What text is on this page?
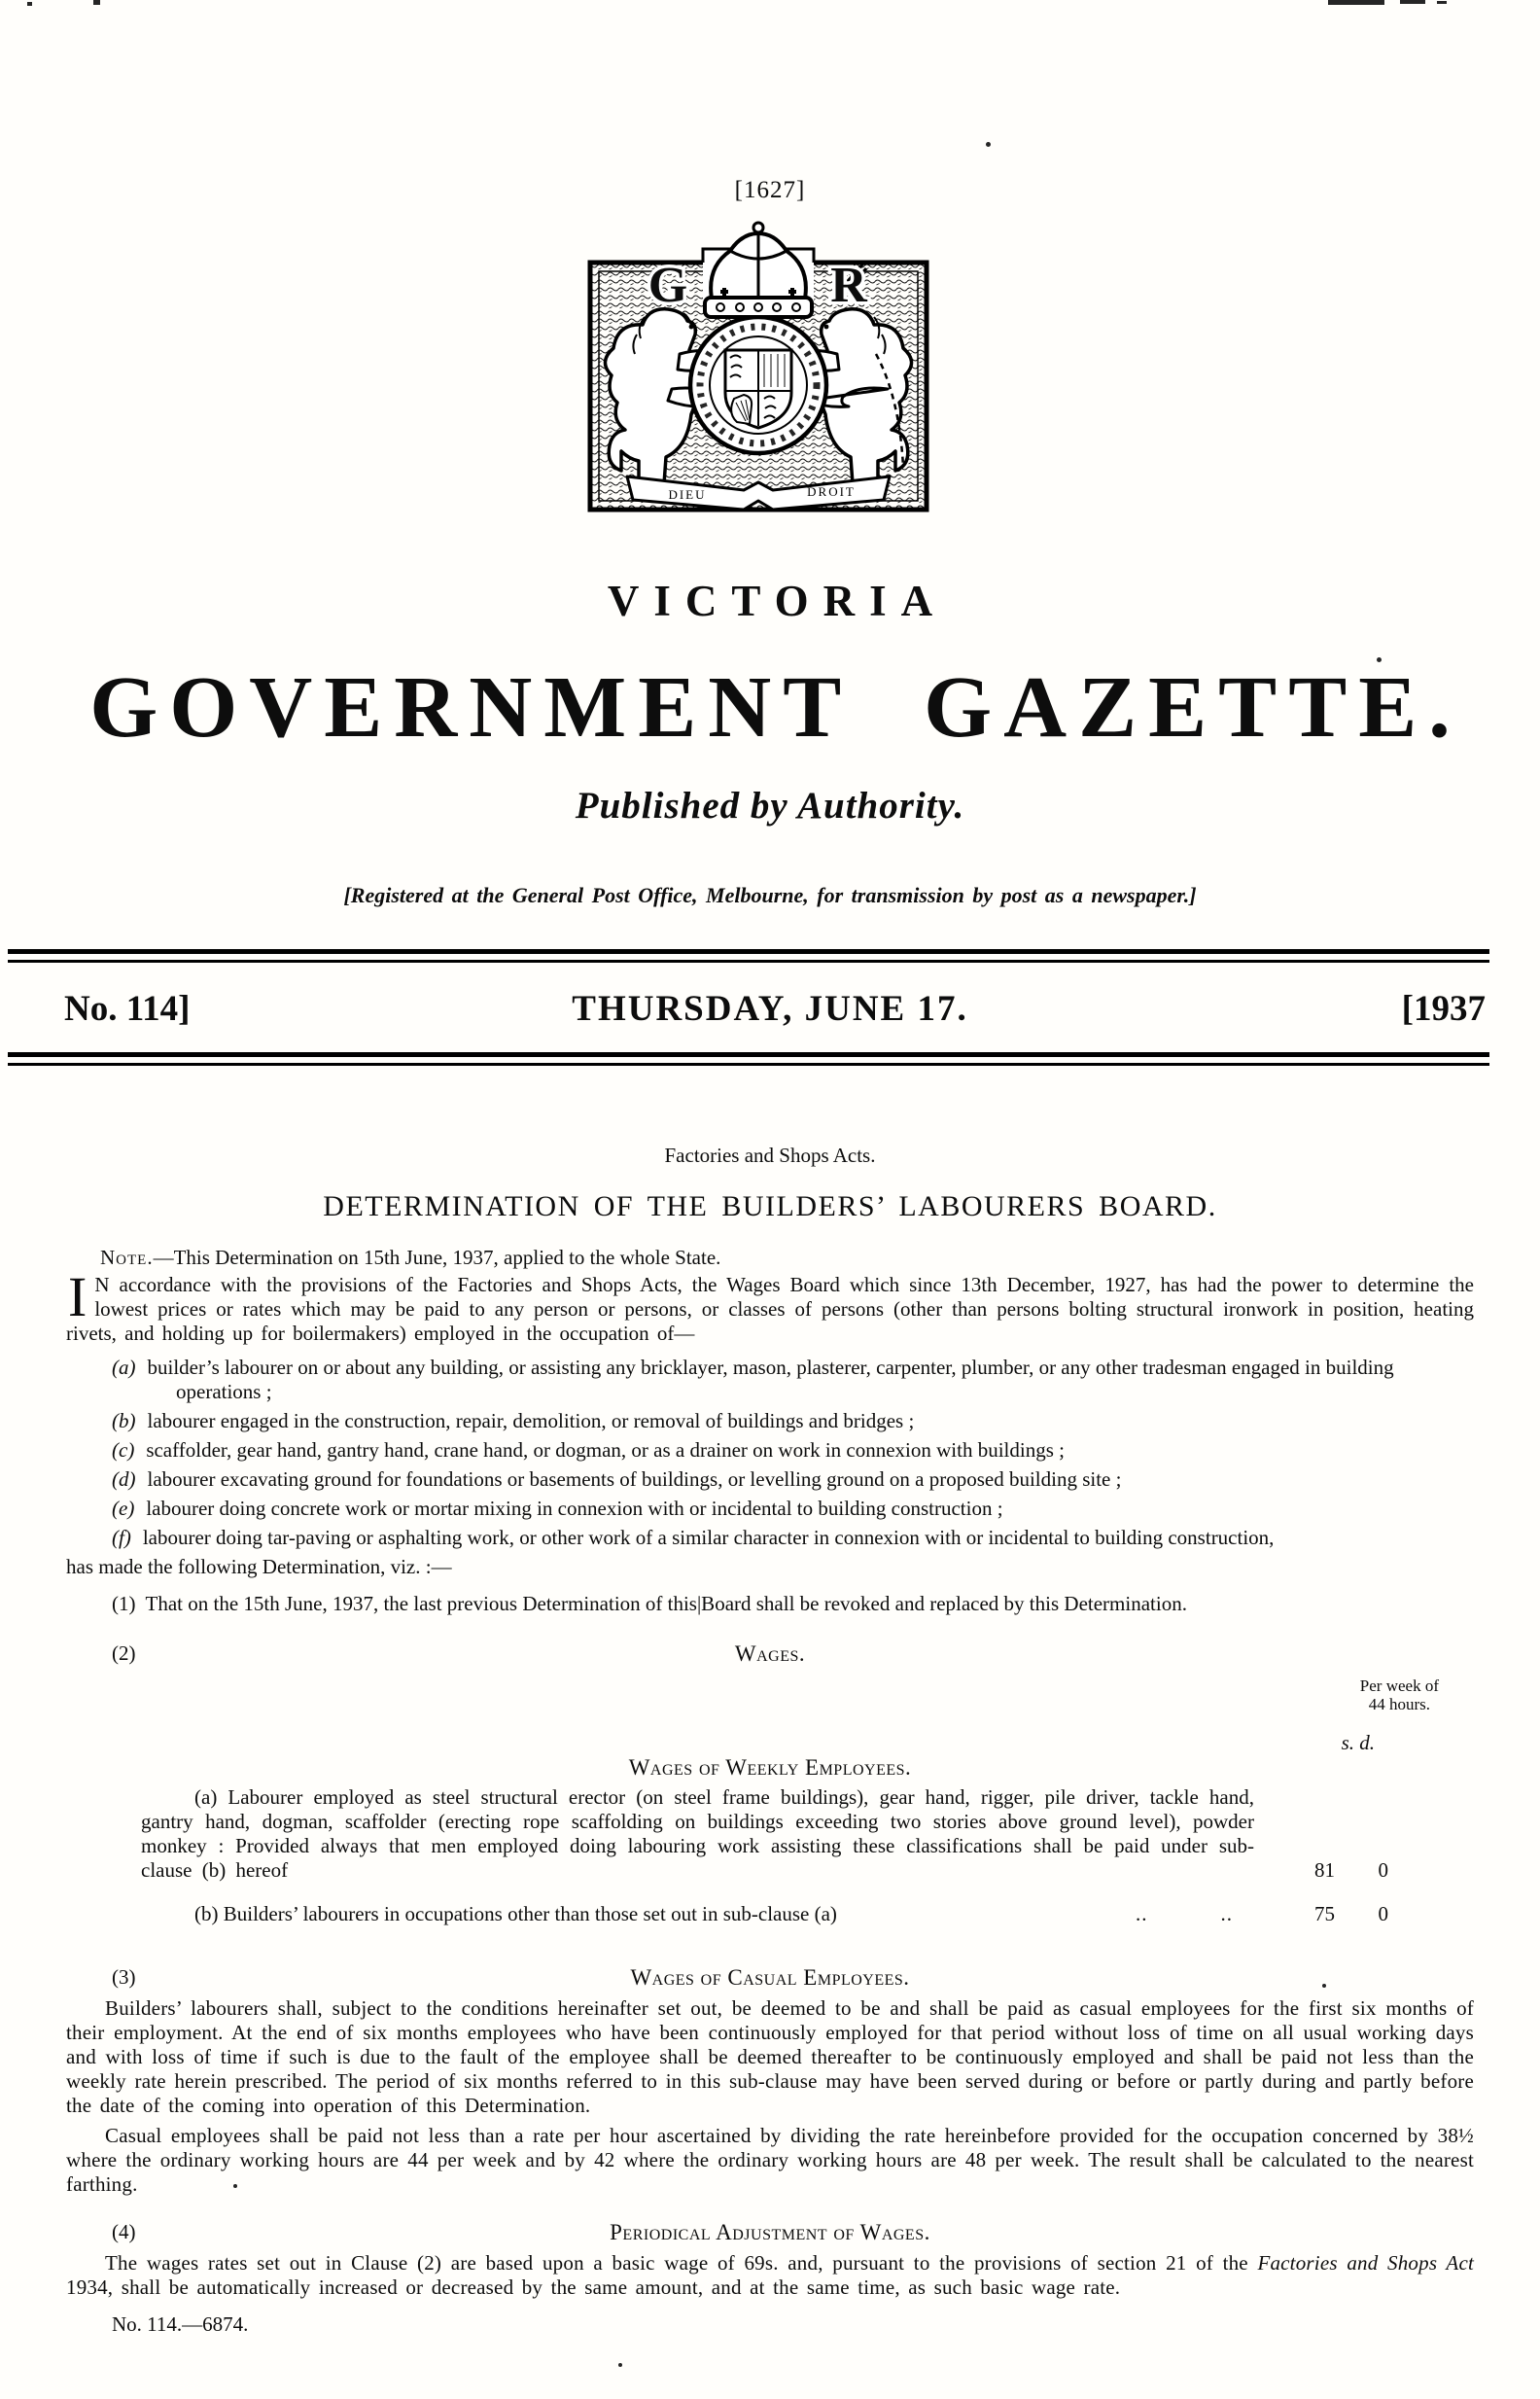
[1627]
G	R
DIEU	DROIT
VICTORIA
GOVERNMENT GAZETTE.
Published by Authority.
[Registered at the General Post Office, Melbourne, for transmission by post as a newspaper.]
No. 114]	THURSDAY, JUNE 17.	[1937
Factories and Shops Acts.
DETERMINATION OF THE BUILDERS’ LABOURERS BOARD.

Note.—This Determination on 15th June, 1937, applied to the whole State.

I N accordance with the provisions of the Factories and Shops Acts, the Wages Board which since 13th December, 1927, has had the power to determine the lowest prices or rates which may be paid to any person or persons, or classes of persons (other than persons bolting structural ironwork in position, heating rivets, and holding up for boilermakers) employed in the occupation of—

(a) builder’s labourer on or about any building, or assisting any bricklayer, mason, plasterer, carpenter, plumber, or any other tradesman engaged in building operations ;

(b) labourer engaged in the construction, repair, demolition, or removal of buildings and bridges ;

(c) scaffolder, gear hand, gantry hand, crane hand, or dogman, or as a drainer on work in connexion with buildings ;

(d) labourer excavating ground for foundations or basements of buildings, or levelling ground on a proposed building site ;

(e) labourer doing concrete work or mortar mixing in connexion with or incidental to building construction ;

(f) labourer doing tar-paving or asphalting work, or other work of a similar character in connexion with or incidental to building construction,

has made the following Determination, viz. :—

(1) That on the 15th June, 1937, the last previous Determination of this|Board shall be revoked and replaced by this Determination.

(2)	Wages.
Per week of
44 hours.
s. d.
Wages of Weekly Employees.

(a) Labourer employed as steel structural erector (on steel frame buildings), gear hand, rigger, pile driver, tackle hand, gantry hand, dogman, scaffolder (erecting rope scaffolding on buildings exceeding two stories above ground level), powder monkey : Provided always that men employed doing labouring work assisting these classifications shall be paid under sub-clause (b) hereof	81 0
(b) Builders’ labourers in occupations other than those set out in sub-clause (a)	..            ..	75 0
(3)	Wages of Casual Employees.

Builders’ labourers shall, subject to the conditions hereinafter set out, be deemed to be and shall be paid as casual employees for the first six months of their employment. At the end of six months employees who have been continuously employed for that period without loss of time on all usual working days and with loss of time if such is due to the fault of the employee shall be deemed thereafter to be continuously employed and shall be paid not less than the weekly rate herein prescribed. The period of six months referred to in this sub-clause may have been served during or before or partly during and partly before the date of the coming into operation of this Determination.

Casual employees shall be paid not less than a rate per hour ascertained by dividing the rate hereinbefore provided for the occupation concerned by 38½ where the ordinary working hours are 44 per week and by 42 where the ordinary working hours are 48 per week. The result shall be calculated to the nearest farthing.

(4)	Periodical Adjustment of Wages.

The wages rates set out in Clause (2) are based upon a basic wage of 69s. and, pursuant to the provisions of section 21 of the Factories and Shops Act 1934, shall be automatically increased or decreased by the same amount, and at the same time, as such basic wage rate.

No. 114.—6874.
